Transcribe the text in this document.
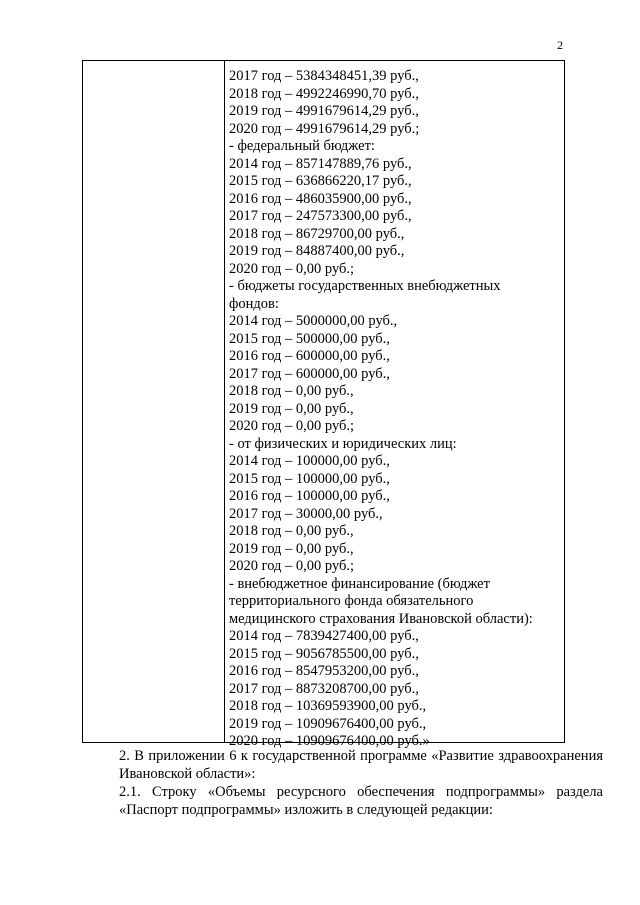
2
2017 год – 5384348451,39 руб.,
2018 год – 4992246990,70 руб.,
2019 год – 4991679614,29 руб.,
2020 год – 4991679614,29 руб.;
- федеральный бюджет:
2014 год – 857147889,76 руб.,
2015 год – 636866220,17 руб.,
2016 год – 486035900,00 руб.,
2017 год – 247573300,00 руб.,
2018 год – 86729700,00 руб.,
2019 год – 84887400,00 руб.,
2020 год – 0,00 руб.;
- бюджеты государственных внебюджетных
фондов:
2014 год – 5000000,00 руб.,
2015 год – 500000,00 руб.,
2016 год – 600000,00 руб.,
2017 год – 600000,00 руб.,
2018 год – 0,00 руб.,
2019 год – 0,00 руб.,
2020 год – 0,00 руб.;
- от физических и юридических лиц:
2014 год – 100000,00 руб.,
2015 год – 100000,00 руб.,
2016 год – 100000,00 руб.,
2017 год – 30000,00 руб.,
2018 год – 0,00 руб.,
2019 год – 0,00 руб.,
2020 год – 0,00 руб.;
- внебюджетное финансирование (бюджет
территориального фонда обязательного
медицинского страхования Ивановской области):
2014 год – 7839427400,00 руб.,
2015 год – 9056785500,00 руб.,
2016 год – 8547953200,00 руб.,
2017 год – 8873208700,00 руб.,
2018 год – 10369593900,00 руб.,
2019 год – 10909676400,00 руб.,
2020 год – 10909676400,00 руб.»
2. В приложении 6 к государственной программе «Развитие здравоохранения Ивановской области»:
2.1. Строку «Объемы ресурсного обеспечения подпрограммы» раздела «Паспорт подпрограммы» изложить в следующей редакции:
